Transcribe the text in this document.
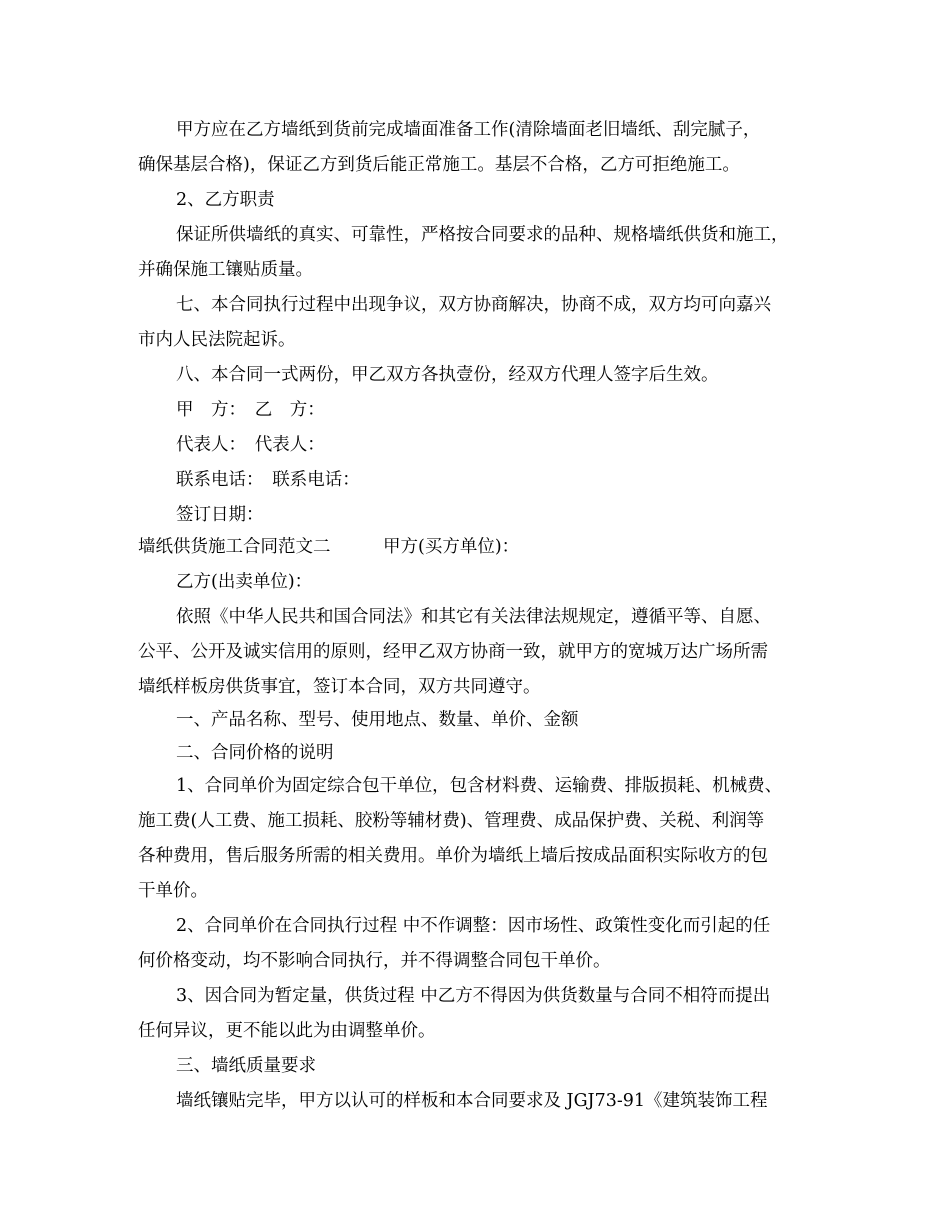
甲方应在乙方墙纸到货前完成墙面准备工作(清除墙面老旧墙纸、刮完腻子，
确保基层合格)，保证乙方到货后能正常施工。基层不合格，乙方可拒绝施工。
2、乙方职责
保证所供墙纸的真实、可靠性，严格按合同要求的品种、规格墙纸供货和施工，
并确保施工镶贴质量。
七、本合同执行过程中出现争议，双方协商解决，协商不成，双方均可向嘉兴
市内人民法院起诉。
八、本合同一式两份，甲乙双方各执壹份，经双方代理人签字后生效。
甲　方：　乙　方：
代表人：　代表人：
联系电话：　联系电话：
签订日期：
墙纸供货施工合同范文二　　　甲方(买方单位)：
乙方(出卖单位)：
依照《中华人民共和国合同法》和其它有关法律法规规定，遵循平等、自愿、
公平、公开及诚实信用的原则，经甲乙双方协商一致，就甲方的宽城万达广场所需
墙纸样板房供货事宜，签订本合同，双方共同遵守。
一、产品名称、型号、使用地点、数量、单价、金额
二、合同价格的说明
1、合同单价为固定综合包干单位，包含材料费、运输费、排版损耗、机械费、
施工费(人工费、施工损耗、胶粉等辅材费)、管理费、成品保护费、关税、利润等
各种费用，售后服务所需的相关费用。单价为墙纸上墙后按成品面积实际收方的包
干单价。
2、合同单价在合同执行过程 中不作调整：因市场性、政策性变化而引起的任
何价格变动，均不影响合同执行，并不得调整合同包干单价。
3、因合同为暂定量，供货过程 中乙方不得因为供货数量与合同不相符而提出
任何异议，更不能以此为由调整单价。
三、墙纸质量要求
墙纸镶贴完毕，甲方以认可的样板和本合同要求及 JGJ73-91《建筑装饰工程
